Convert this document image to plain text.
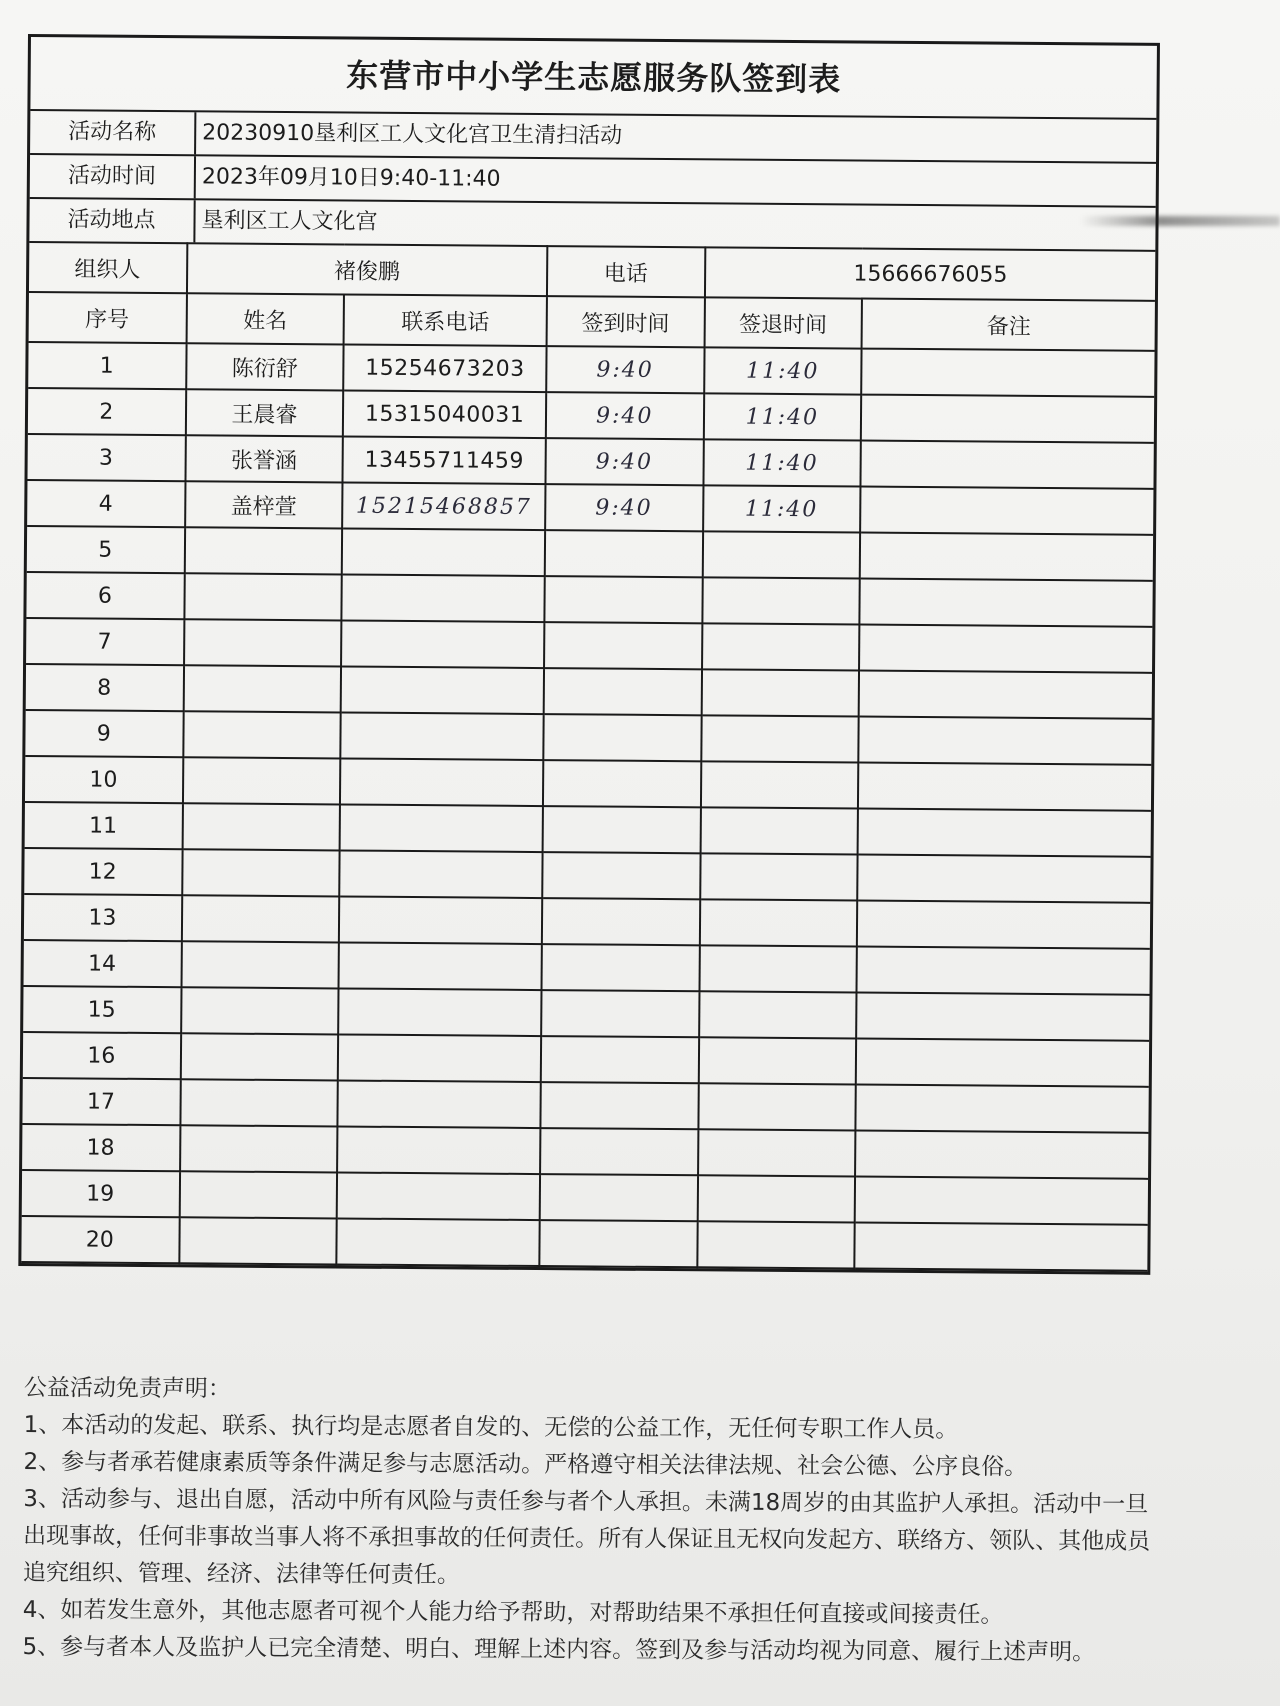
东营市中小学生志愿服务队签到表
活动名称	20230910垦利区工人文化宫卫生清扫活动
活动时间	2023年09月10日9:40-11:40
活动地点	垦利区工人文化宫
组织人	褚俊鹏		电话	15666676055	
序号	姓名	联系电话	签到时间	签退时间	备注
1	陈衍舒	15254673203	9:40	11:40	
2	王晨睿	15315040031	9:40	11:40	
3	张誉涵	13455711459	9:40	11:40	
4	盖梓萱	15215468857	9:40	11:40	
5					
6					
7					
8					
9					
10					
11					
12					
13					
14					
15					
16					
17					
18					
19					
20					

公益活动免责声明：

1、本活动的发起、联系、执行均是志愿者自发的、无偿的公益工作，无任何专职工作人员。

2、参与者承若健康素质等条件满足参与志愿活动。严格遵守相关法律法规、社会公德、公序良俗。

3、活动参与、退出自愿，活动中所有风险与责任参与者个人承担。未满18周岁的由其监护人承担。活动中一旦出现事故，任何非事故当事人将不承担事故的任何责任。所有人保证且无权向发起方、联络方、领队、其他成员追究组织、管理、经济、法律等任何责任。

4、如若发生意外，其他志愿者可视个人能力给予帮助，对帮助结果不承担任何直接或间接责任。

5、参与者本人及监护人已完全清楚、明白、理解上述内容。签到及参与活动均视为同意、履行上述声明。
